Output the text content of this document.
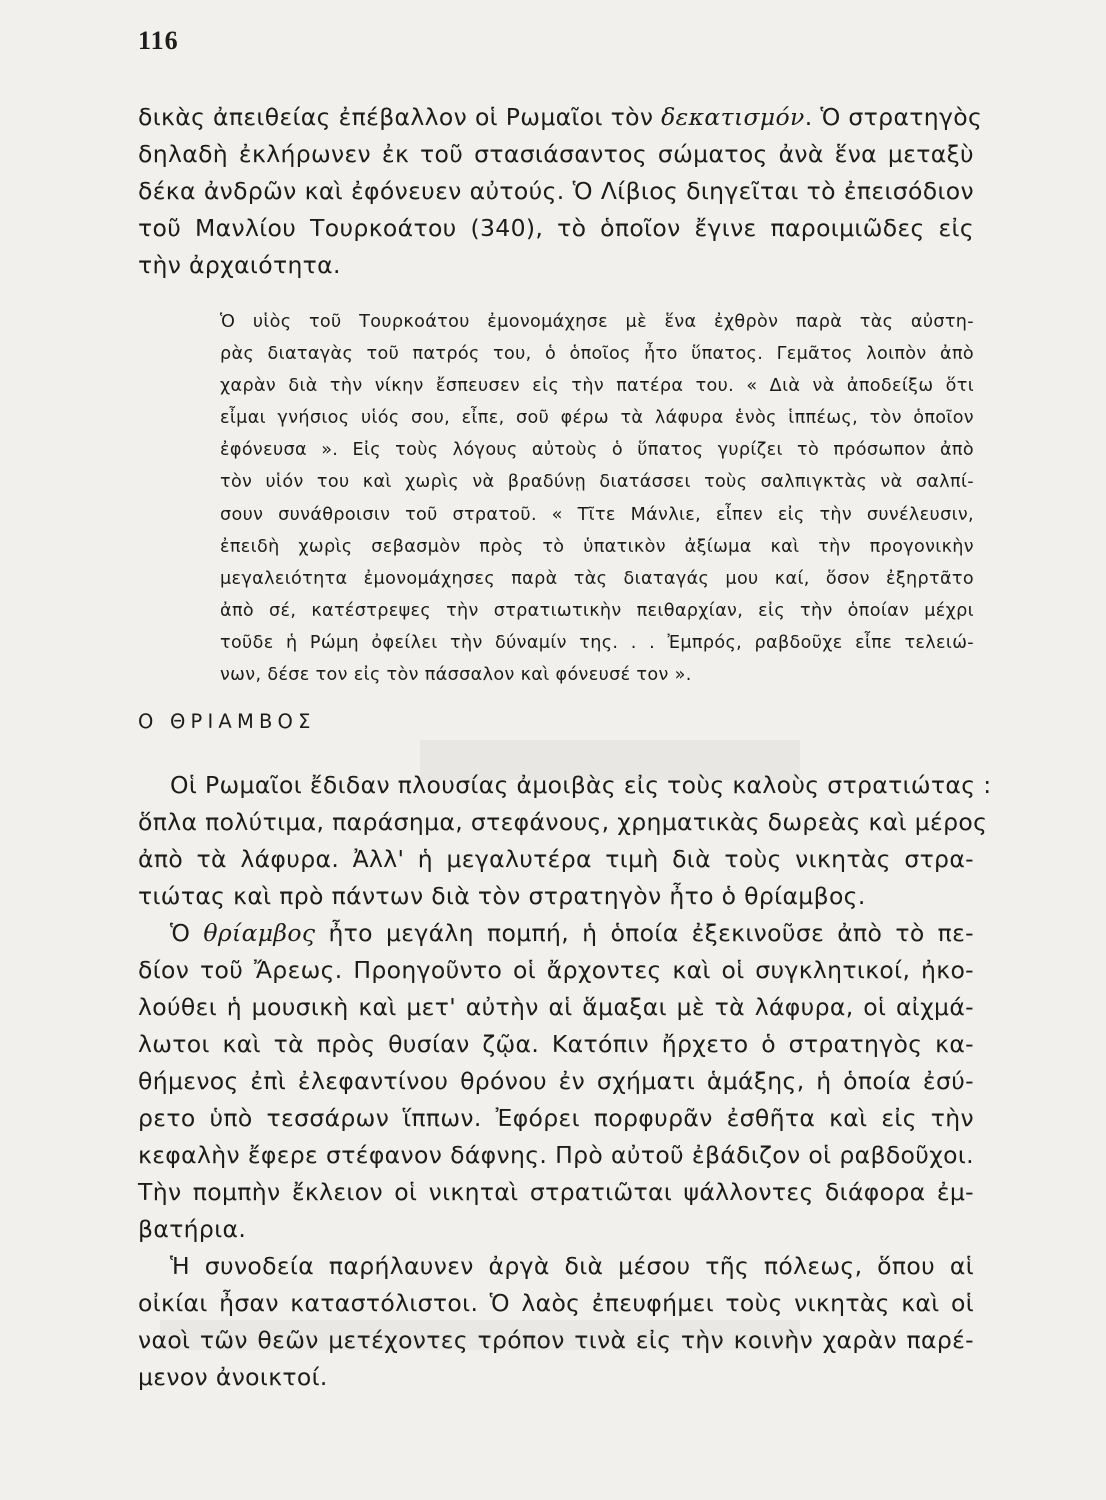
116
δικὰς ἀπειθείας ἐπέβαλλον οἱ Ρωμαῖοι τὸν δεκατισμόν. Ὁ στρατηγὸς
δηλαδὴ ἐκλήρωνεν ἐκ τοῦ στασιάσαντος σώματος ἀνὰ ἕνα μεταξὺ
δέκα ἀνδρῶν καὶ ἐφόνευεν αὐτούς. Ὁ Λίβιος διηγεῖται τὸ ἐπεισόδιον
τοῦ Μανλίου Τουρκοάτου (340), τὸ ὁποῖον ἔγινε παροιμιῶδες εἰς
τὴν ἀρχαιότητα.
Ὁ υἱὸς τοῦ Τουρκοάτου ἐμονομάχησε μὲ ἕνα ἐχθρὸν παρὰ τὰς αὐστη-
ρὰς διαταγὰς τοῦ πατρός του, ὁ ὁποῖος ἦτο ὕπατος. Γεμᾶτος λοιπὸν ἀπὸ
χαρὰν διὰ τὴν νίκην ἔσπευσεν εἰς τὴν πατέρα του. « Διὰ νὰ ἀποδείξω ὅτι
εἶμαι γνήσιος υἱός σου, εἶπε, σοῦ φέρω τὰ λάφυρα ἑνὸς ἱππέως, τὸν ὁποῖον
ἐφόνευσα ». Εἰς τοὺς λόγους αὐτοὺς ὁ ὕπατος γυρίζει τὸ πρόσωπον ἀπὸ
τὸν υἱόν του καὶ χωρὶς νὰ βραδύνῃ διατάσσει τοὺς σαλπιγκτὰς νὰ σαλπί-
σουν συνάθροισιν τοῦ στρατοῦ. « Τῖτε Μάνλιε, εἶπεν εἰς τὴν συνέλευσιν,
ἐπειδὴ χωρὶς σεβασμὸν πρὸς τὸ ὑπατικὸν ἀξίωμα καὶ τὴν προγονικὴν
μεγαλειότητα ἐμονομάχησες παρὰ τὰς διαταγάς μου καί, ὅσον ἐξηρτᾶτο
ἀπὸ σέ, κατέστρεψες τὴν στρατιωτικὴν πειθαρχίαν, εἰς τὴν ὁποίαν μέχρι
τοῦδε ἡ Ρώμη ὀφείλει τὴν δύναμίν της. . . Ἐμπρός, ραβδοῦχε εἶπε τελειώ-
νων, δέσε τον εἰς τὸν πάσσαλον καὶ φόνευσέ τον ».
Ο ΘΡΙΑΜΒΟΣ
Οἱ Ρωμαῖοι ἔδιδαν πλουσίας ἀμοιβὰς εἰς τοὺς καλοὺς στρατιώτας :
ὅπλα πολύτιμα, παράσημα, στεφάνους, χρηματικὰς δωρεὰς καὶ μέρος
ἀπὸ τὰ λάφυρα. Ἀλλ' ἡ μεγαλυτέρα τιμὴ διὰ τοὺς νικητὰς στρα-
τιώτας καὶ πρὸ πάντων διὰ τὸν στρατηγὸν ἦτο ὁ θρίαμβος.
Ὁ θρίαμβος ἦτο μεγάλη πομπή, ἡ ὁποία ἐξεκινοῦσε ἀπὸ τὸ πε-
δίον τοῦ Ἄρεως. Προηγοῦντο οἱ ἄρχοντες καὶ οἱ συγκλητικοί, ἠκο-
λούθει ἡ μουσικὴ καὶ μετ' αὐτὴν αἱ ἅμαξαι μὲ τὰ λάφυρα, οἱ αἰχμά-
λωτοι καὶ τὰ πρὸς θυσίαν ζῷα. Κατόπιν ἤρχετο ὁ στρατηγὸς κα-
θήμενος ἐπὶ ἐλεφαντίνου θρόνου ἐν σχήματι ἁμάξης, ἡ ὁποία ἐσύ-
ρετο ὑπὸ τεσσάρων ἵππων. Ἐφόρει πορφυρᾶν ἐσθῆτα καὶ εἰς τὴν
κεφαλὴν ἔφερε στέφανον δάφνης. Πρὸ αὐτοῦ ἐβάδιζον οἱ ραβδοῦχοι.
Τὴν πομπὴν ἔκλειον οἱ νικηταὶ στρατιῶται ψάλλοντες διάφορα ἐμ-
βατήρια.
Ἡ συνοδεία παρήλαυνεν ἀργὰ διὰ μέσου τῆς πόλεως, ὅπου αἱ
οἰκίαι ἦσαν καταστόλιστοι. Ὁ λαὸς ἐπευφήμει τοὺς νικητὰς καὶ οἱ
ναοὶ τῶν θεῶν μετέχοντες τρόπον τινὰ εἰς τὴν κοινὴν χαρὰν παρέ-
μενον ἀνοικτοί.
